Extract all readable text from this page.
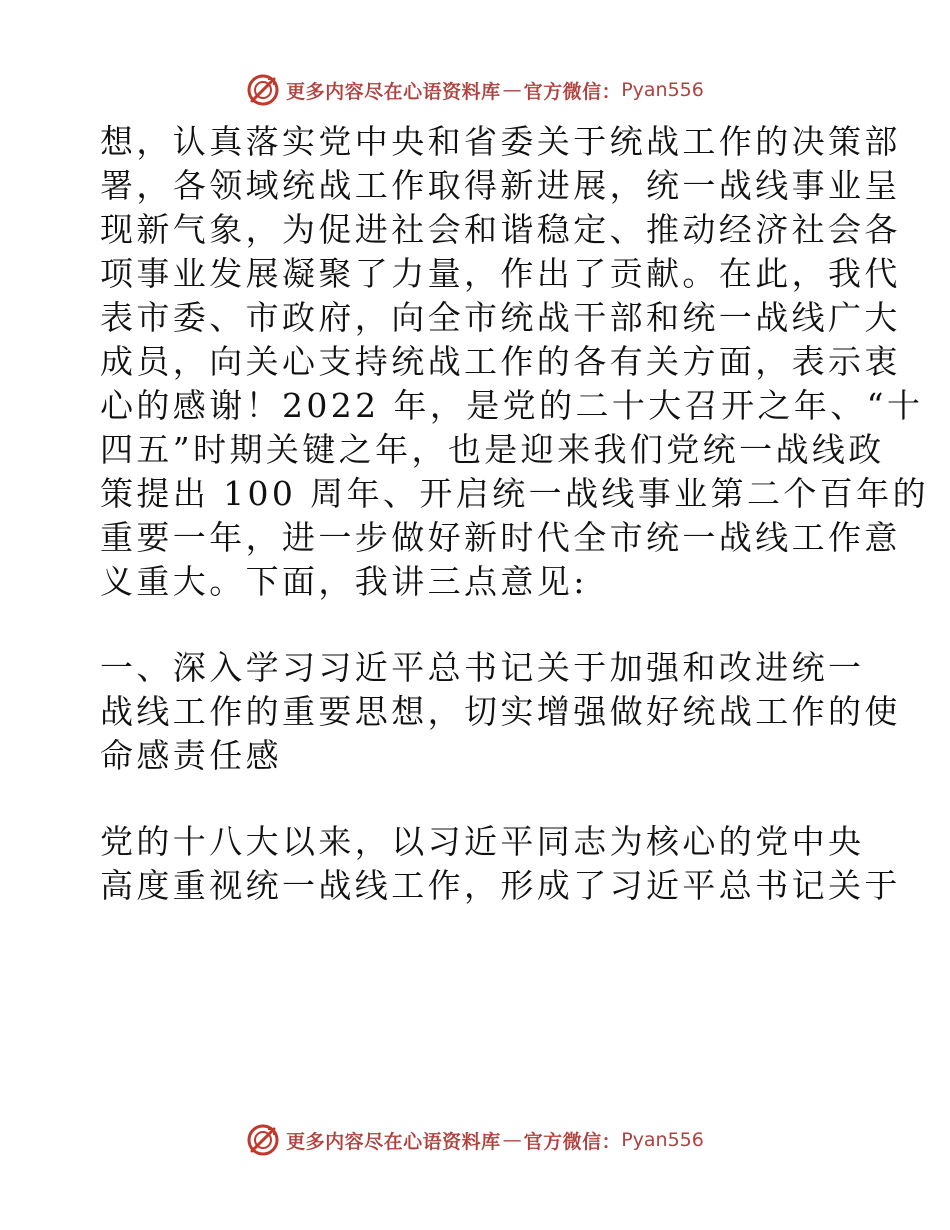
更多内容尽在心语资料库 — 官方微信： Pyan556

想，认真落实党中央和省委关于统战工作的决策部
署，各领域统战工作取得新进展，统一战线事业呈
现新气象，为促进社会和谐稳定、推动经济社会各
项事业发展凝聚了力量，作出了贡献。在此，我代
表市委、市政府，向全市统战干部和统一战线广大
成员，向关心支持统战工作的各有关方面，表示衷
心的感谢！2022 年，是党的二十大召开之年、“十
四五”时期关键之年，也是迎来我们党统一战线政
策提出 100 周年、开启统一战线事业第二个百年的
重要一年，进一步做好新时代全市统一战线工作意
义重大。下面，我讲三点意见:

一、深入学习习近平总书记关于加强和改进统一
战线工作的重要思想，切实增强做好统战工作的使
命感责任感

党的十八大以来，以习近平同志为核心的党中央
高度重视统一战线工作，形成了习近平总书记关于

更多内容尽在心语资料库 — 官方微信： Pyan556
